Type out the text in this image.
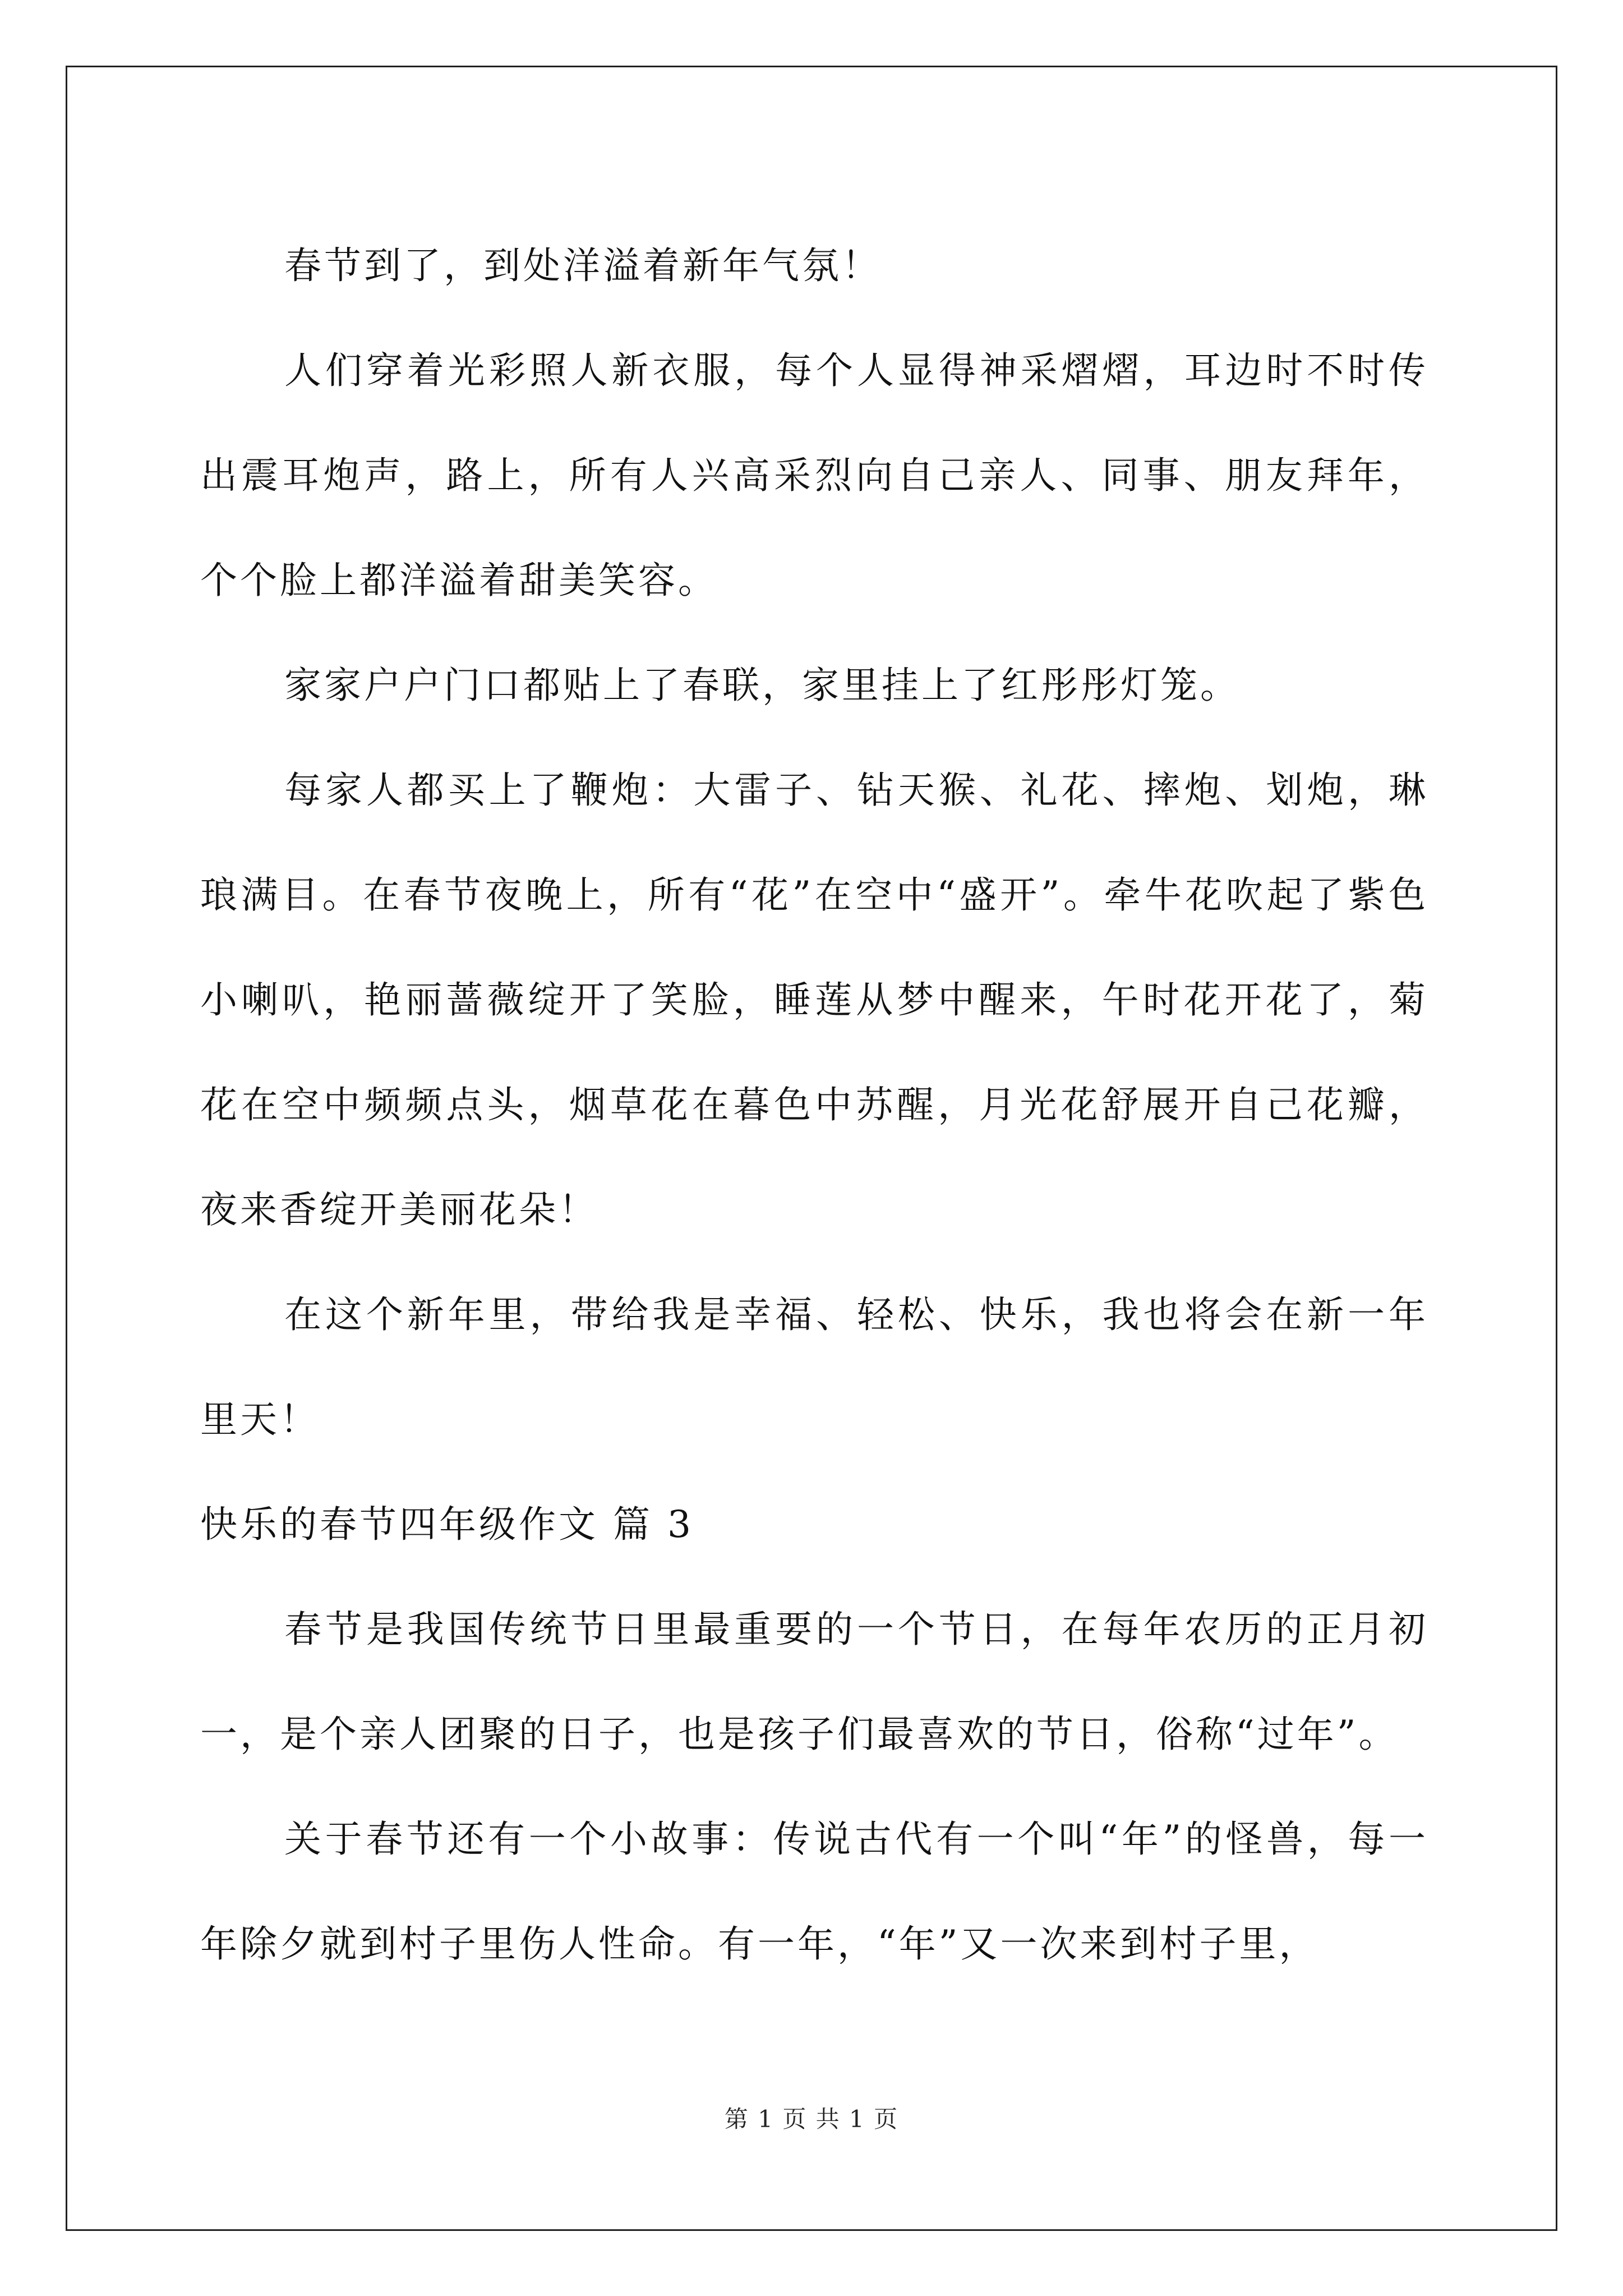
春节到了，到处洋溢着新年气氛！

人们穿着光彩照人新衣服，每个人显得神采熠熠，耳边时不时传出震耳炮声，路上，所有人兴高采烈向自己亲人、同事、朋友拜年，个个脸上都洋溢着甜美笑容。

家家户户门口都贴上了春联，家里挂上了红彤彤灯笼。

每家人都买上了鞭炮：大雷子、钻天猴、礼花、摔炮、划炮，琳琅满目。在春节夜晚上，所有“花”在空中“盛开”。牵牛花吹起了紫色小喇叭，艳丽蔷薇绽开了笑脸，睡莲从梦中醒来，午时花开花了，菊花在空中频频点头，烟草花在暮色中苏醒，月光花舒展开自己花瓣，夜来香绽开美丽花朵！

在这个新年里，带给我是幸福、轻松、快乐，我也将会在新一年里天！

快乐的春节四年级作文 篇 3

春节是我国传统节日里最重要的一个节日，在每年农历的正月初一，是个亲人团聚的日子，也是孩子们最喜欢的节日，俗称“过年”。

关于春节还有一个小故事：传说古代有一个叫“年”的怪兽，每一年除夕就到村子里伤人性命。有一年，“年”又一次来到村子里，

第 1 页 共 1 页
